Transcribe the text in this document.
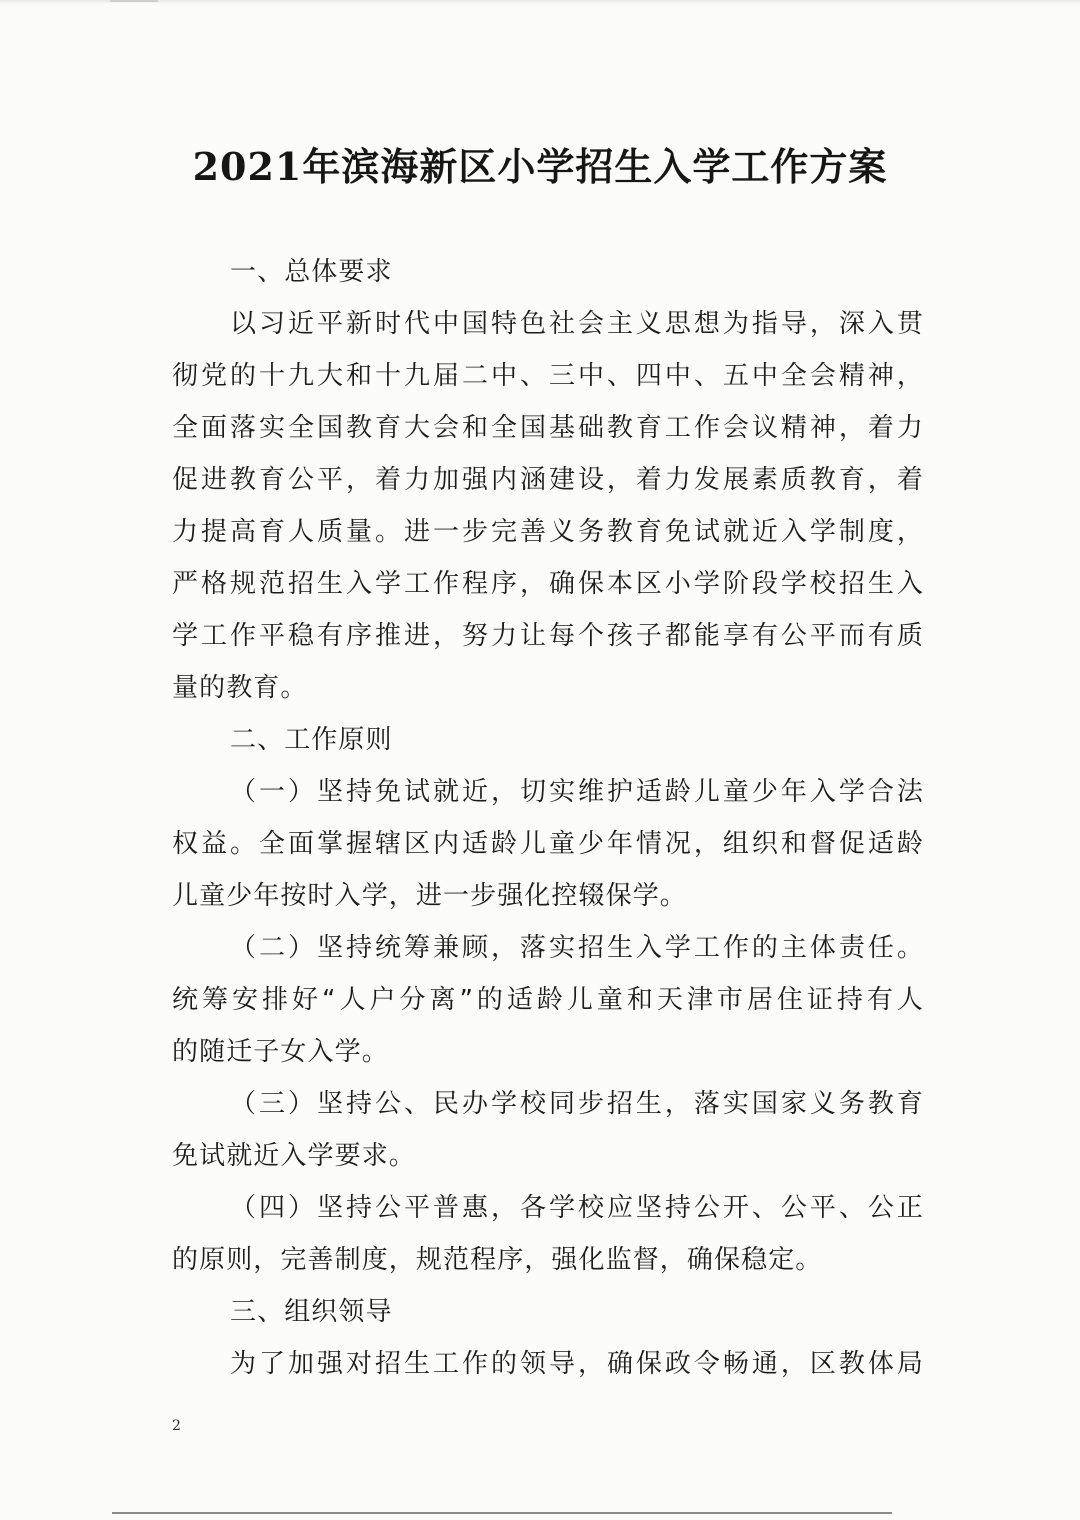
2021年滨海新区小学招生入学工作方案
一、总体要求
以习近平新时代中国特色社会主义思想为指导，深入贯
彻党的十九大和十九届二中、三中、四中、五中全会精神，
全面落实全国教育大会和全国基础教育工作会议精神，着力
促进教育公平，着力加强内涵建设，着力发展素质教育，着
力提高育人质量。进一步完善义务教育免试就近入学制度，
严格规范招生入学工作程序，确保本区小学阶段学校招生入
学工作平稳有序推进，努力让每个孩子都能享有公平而有质
量的教育。
二、工作原则
（一）坚持免试就近，切实维护适龄儿童少年入学合法
权益。全面掌握辖区内适龄儿童少年情况，组织和督促适龄
儿童少年按时入学，进一步强化控辍保学。
（二）坚持统筹兼顾，落实招生入学工作的主体责任。
统筹安排好“人户分离”的适龄儿童和天津市居住证持有人
的随迁子女入学。
（三）坚持公、民办学校同步招生，落实国家义务教育
免试就近入学要求。
（四）坚持公平普惠，各学校应坚持公开、公平、公正
的原则，完善制度，规范程序，强化监督，确保稳定。
三、组织领导
为了加强对招生工作的领导，确保政令畅通，区教体局
2
